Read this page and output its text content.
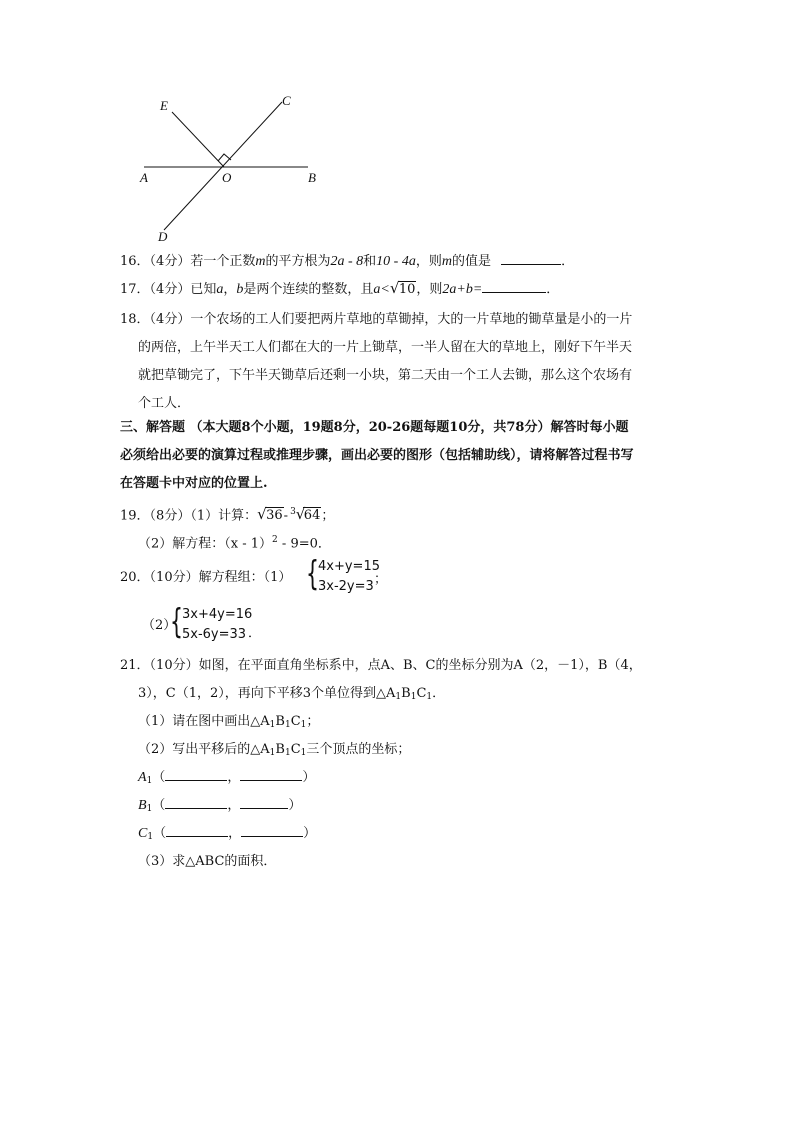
E	C
A	O	B
D
16．（4分）若一个正数m的平方根为2a - 8和10 - 4a，则m的值是	．
17．（4分）已知a，b是两个连续的整数，且a< √ 10，则2a+b=	．
18．（4分）一个农场的工人们要把两片草地的草锄掉，大的一片草地的锄草量是小的一片
的两倍，上午半天工人们都在大的一片上锄草，一半人留在大的草地上，刚好下午半天
就把草锄完了，下午半天锄草后还剩一小块，第二天由一个工人去锄，那么这个农场有
个工人．
三、解答题 （本大题8个小题，19题8分，20-26题每题10分，共78分）解答时每小题
必须给出必要的演算过程或推理步骤，画出必要的图形（包括辅助线），请将解答过程书写
在答题卡中对应的位置上.
19．（8分）（1）计算： √ 36- $^3$ √
64；
（2）解方程：（x - 1）$^2$ - 9=0．
20．（10分）解方程组：（1） { 4x+y=15
3x-2y=3 ；
（2）
{ 3x+4y=16
5x-6y=33 ．
21．（10分）如图，在平面直角坐标系中，点A、B、C的坐标分别为A（2，－1），B（4，
3），C（1，2），再向下平移3个单位得到$\triangle A_1B_1C_1$．
（1）请在图中画出$\triangle A_1B_1C_1$；
（2）写出平移后的$\triangle A_1B_1C_1$三个顶点的坐标；
$A_1$（	，	）
$B_1$（	，	）
$C_1$（	，	）
（3）求△ABC的面积．
